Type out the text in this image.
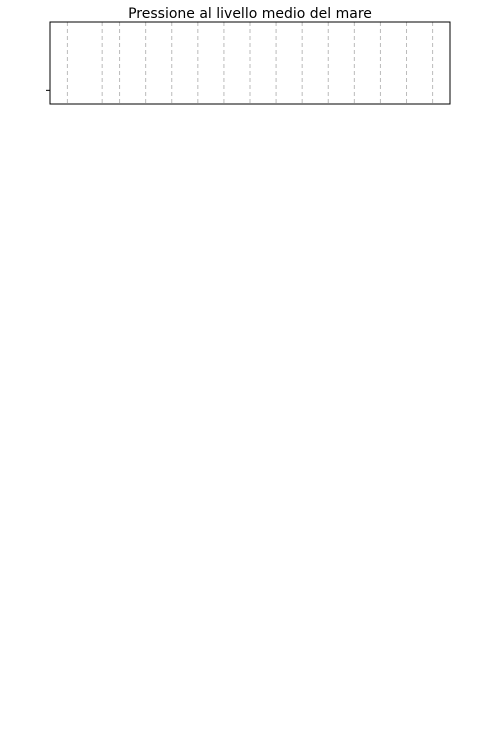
Pressione al livello medio del mare
